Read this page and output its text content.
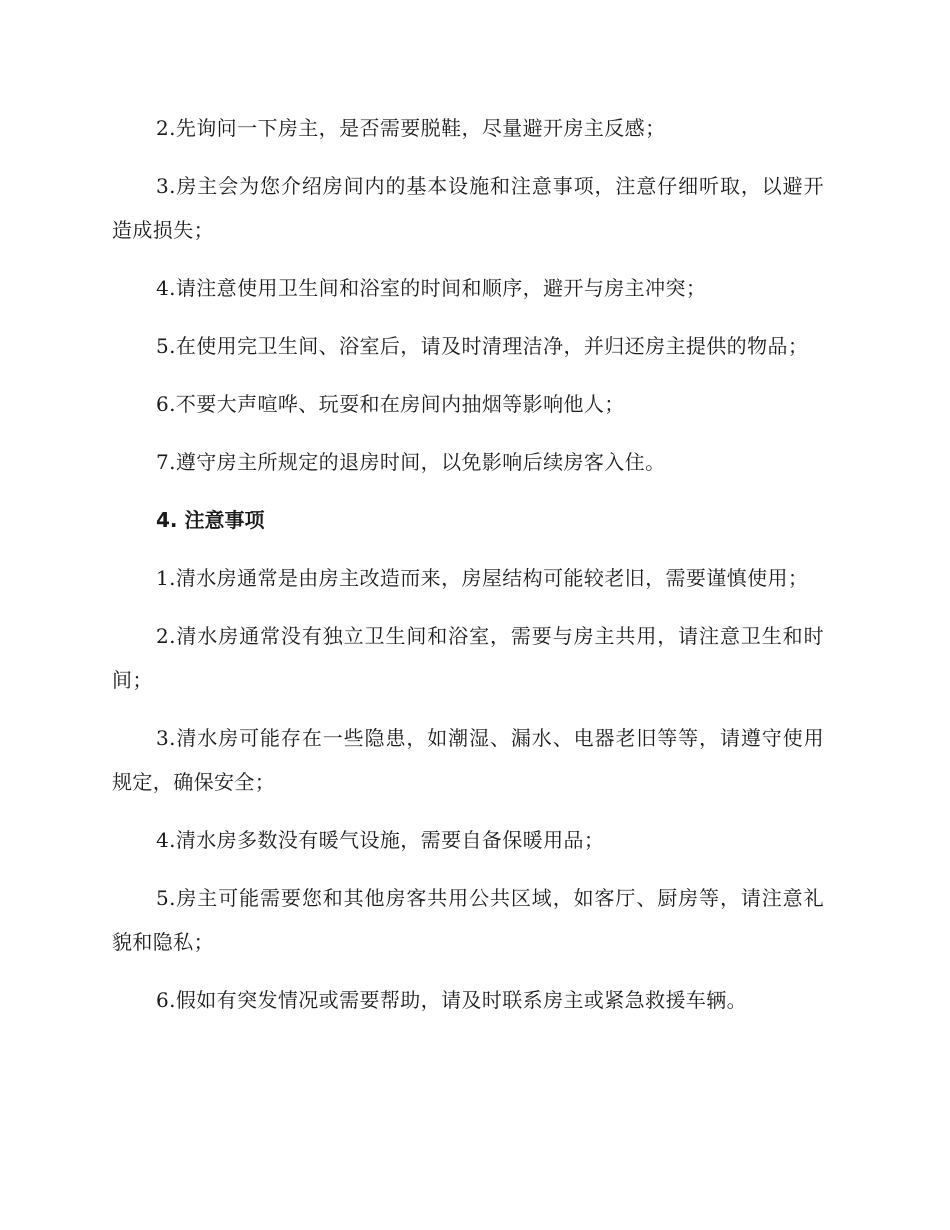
2.先询问一下房主，是否需要脱鞋，尽量避开房主反感；

3.房主会为您介绍房间内的基本设施和注意事项，注意仔细听取，以避开造成损失；

4.请注意使用卫生间和浴室的时间和顺序，避开与房主冲突；

5.在使用完卫生间、浴室后，请及时清理洁净，并归还房主提供的物品；

6.不要大声喧哗、玩耍和在房间内抽烟等影响他人；

7.遵守房主所规定的退房时间，以免影响后续房客入住。

4. 注意事项

1.清水房通常是由房主改造而来，房屋结构可能较老旧，需要谨慎使用；

2.清水房通常没有独立卫生间和浴室，需要与房主共用，请注意卫生和时间；

3.清水房可能存在一些隐患，如潮湿、漏水、电器老旧等等，请遵守使用规定，确保安全；

4.清水房多数没有暖气设施，需要自备保暖用品；

5.房主可能需要您和其他房客共用公共区域，如客厅、厨房等，请注意礼貌和隐私；

6.假如有突发情况或需要帮助，请及时联系房主或紧急救援车辆。
